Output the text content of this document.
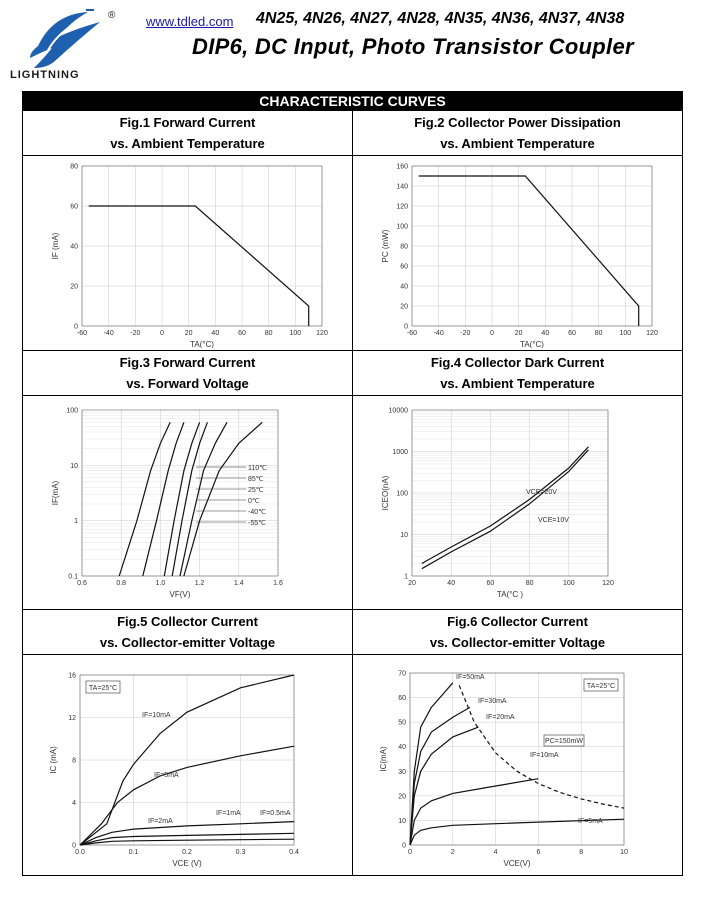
LIGHTNING
® www.tdled.com 4N25, 4N26, 4N27, 4N28, 4N35, 4N36, 4N37, 4N38
DIP6, DC Input, Photo Transistor Coupler
CHARACTERISTIC CURVES
Fig.1 Forward Current
vs. Ambient Temperature
Fig.2 Collector Power Dissipation
vs. Ambient Temperature
-60 -40 -20	0	20	40	60	80 100 120
0
20
40
60
80
TA(°C)
IF (mA)
-60 -40 -20	0	20	40	60	80 100 120
0
20
40
60
80
100
120
140
160
TA(°C)
PC (mW)
Fig.3 Forward Current
vs. Forward Voltage
Fig.4 Collector Dark Current
vs. Ambient Temperature
0.6	0.8	1.0	1.2	1.4	1.6
0.1
1
10
100
VF(V)
IF(mA)
110℃
85℃
25℃
0℃
-40℃
-55℃
20	40	60	80	100	120
1
10
100
1000
10000
TA(°C )
ICEO(nA)	VCE=20V
VCE=10V
Fig.5 Collector Current
vs. Collector-emitter Voltage
Fig.6 Collector Current
vs. Collector-emitter Voltage
0.0	0.1	0.2	0.3	0.4
0
4
8
12
16
VCE (V)
IC (mA)
TA=25°C
IF=10mA
IF=5mA
IF=2mA
IF=1mA	IF=0.5mA
0	2	4	6	8	10
0
10
20
30
40
50
60
70
VCE(V)
IC(mA)
TA=25°C
IF=50mA
IF=30mA
IF=20mA
IF=10mA
IF=5mA
PC=150mW
